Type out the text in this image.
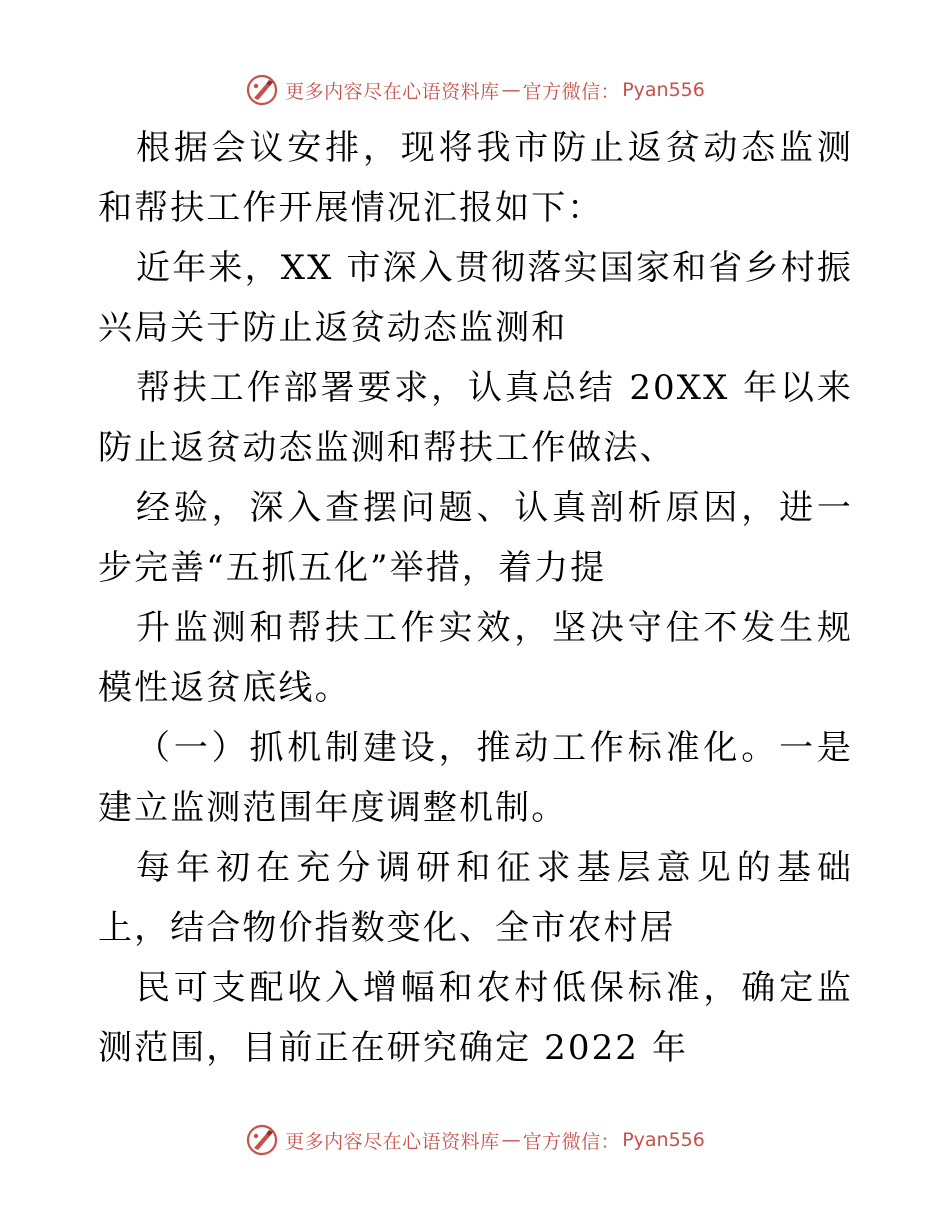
更多内容尽在心语资料库 — 官方微信： Pyan556

根据会议安排，现将我市防止返贫动态监测和帮扶工作开展情况汇报如下：

近年来，XX 市深入贯彻落实国家和省乡村振兴局关于防止返贫动态监测和

帮扶工作部署要求，认真总结 20XX 年以来防止返贫动态监测和帮扶工作做法、

经验，深入查摆问题、认真剖析原因，进一步完善“五抓五化”举措，着力提

升监测和帮扶工作实效，坚决守住不发生规模性返贫底线。

（一）抓机制建设，推动工作标准化。一是建立监测范围年度调整机制。

每年初在充分调研和征求基层意见的基础上，结合物价指数变化、全市农村居

民可支配收入增幅和农村低保标准，确定监测范围，目前正在研究确定 2022 年

更多内容尽在心语资料库 — 官方微信： Pyan556
